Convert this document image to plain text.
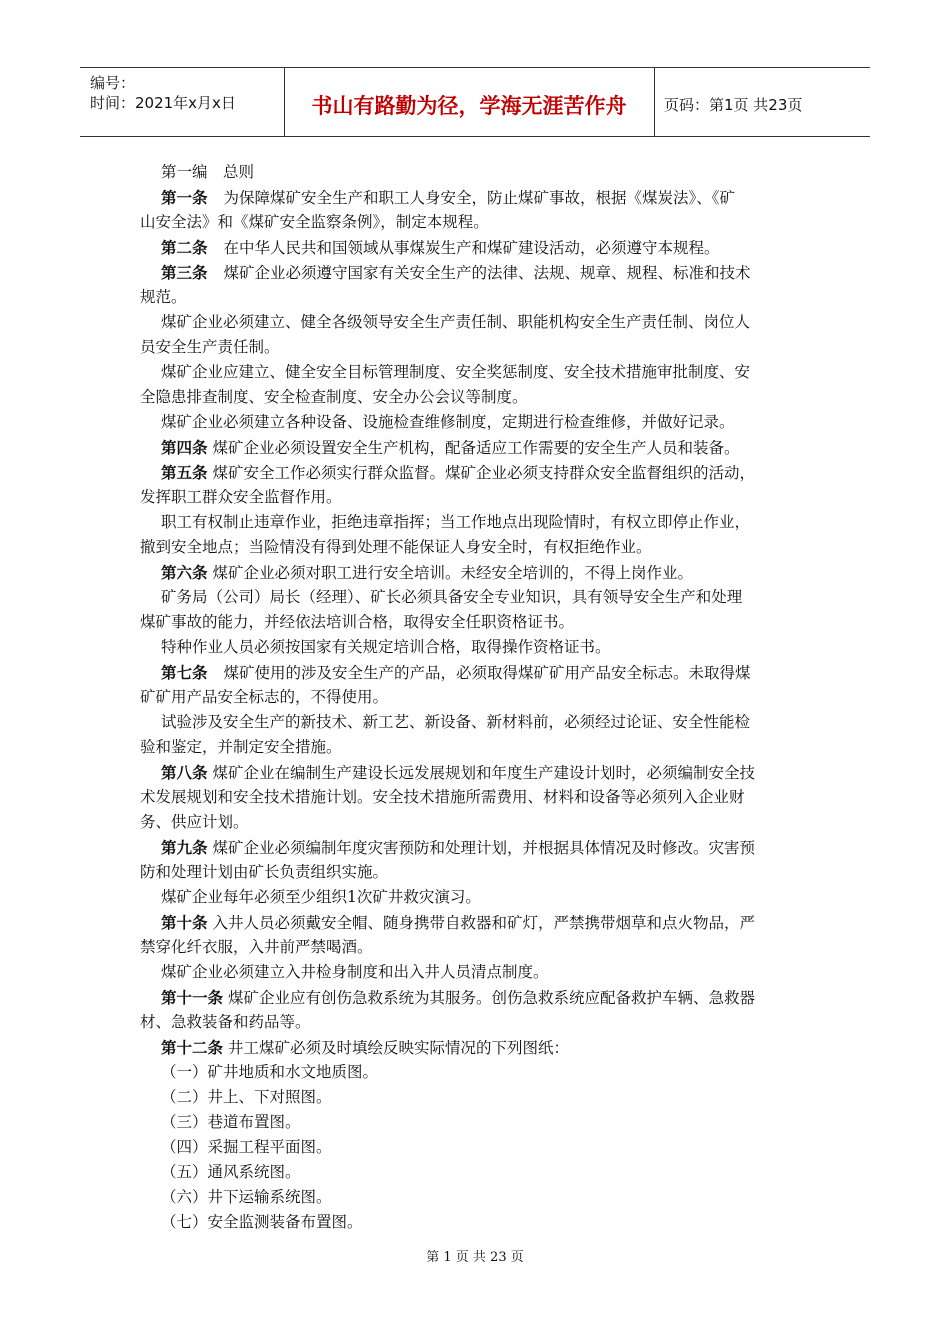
编号：
时间：2021年x月x日	书山有路勤为径，学海无涯苦作舟	页码：第1页 共23页
第一编　总则
第一条 为保障煤矿安全生产和职工人身安全，防止煤矿事故，根据《煤炭法》、《矿
山安全法》和《煤矿安全监察条例》，制定本规程。
第二条 在中华人民共和国领域从事煤炭生产和煤矿建设活动，必须遵守本规程。
第三条 煤矿企业必须遵守国家有关安全生产的法律、法规、规章、规程、标准和技术
规范。
煤矿企业必须建立、健全各级领导安全生产责任制、职能机构安全生产责任制、岗位人
员安全生产责任制。
煤矿企业应建立、健全安全目标管理制度、安全奖惩制度、安全技术措施审批制度、安
全隐患排查制度、安全检查制度、安全办公会议等制度。
煤矿企业必须建立各种设备、设施检查维修制度，定期进行检查维修，并做好记录。
第四条 煤矿企业必须设置安全生产机构，配备适应工作需要的安全生产人员和装备。
第五条 煤矿安全工作必须实行群众监督。煤矿企业必须支持群众安全监督组织的活动，
发挥职工群众安全监督作用。
职工有权制止违章作业，拒绝违章指挥；当工作地点出现险情时，有权立即停止作业，
撤到安全地点；当险情没有得到处理不能保证人身安全时，有权拒绝作业。
第六条 煤矿企业必须对职工进行安全培训。未经安全培训的，不得上岗作业。
矿务局（公司）局长（经理）、矿长必须具备安全专业知识，具有领导安全生产和处理
煤矿事故的能力，并经依法培训合格，取得安全任职资格证书。
特种作业人员必须按国家有关规定培训合格，取得操作资格证书。
第七条 煤矿使用的涉及安全生产的产品，必须取得煤矿矿用产品安全标志。未取得煤
矿矿用产品安全标志的，不得使用。
试验涉及安全生产的新技术、新工艺、新设备、新材料前，必须经过论证、安全性能检
验和鉴定，并制定安全措施。
第八条 煤矿企业在编制生产建设长远发展规划和年度生产建设计划时，必须编制安全技
术发展规划和安全技术措施计划。安全技术措施所需费用、材料和设备等必须列入企业财
务、供应计划。
第九条 煤矿企业必须编制年度灾害预防和处理计划，并根据具体情况及时修改。灾害预
防和处理计划由矿长负责组织实施。
煤矿企业每年必须至少组织1次矿井救灾演习。
第十条 入井人员必须戴安全帽、随身携带自救器和矿灯，严禁携带烟草和点火物品，严
禁穿化纤衣服，入井前严禁喝酒。
煤矿企业必须建立入井检身制度和出入井人员清点制度。
第十一条 煤矿企业应有创伤急救系统为其服务。创伤急救系统应配备救护车辆、急救器
材、急救装备和药品等。
第十二条 井工煤矿必须及时填绘反映实际情况的下列图纸：
（一）矿井地质和水文地质图。
（二）井上、下对照图。
（三）巷道布置图。
（四）采掘工程平面图。
（五）通风系统图。
（六）井下运输系统图。
（七）安全监测装备布置图。
第 1 页 共 23 页
